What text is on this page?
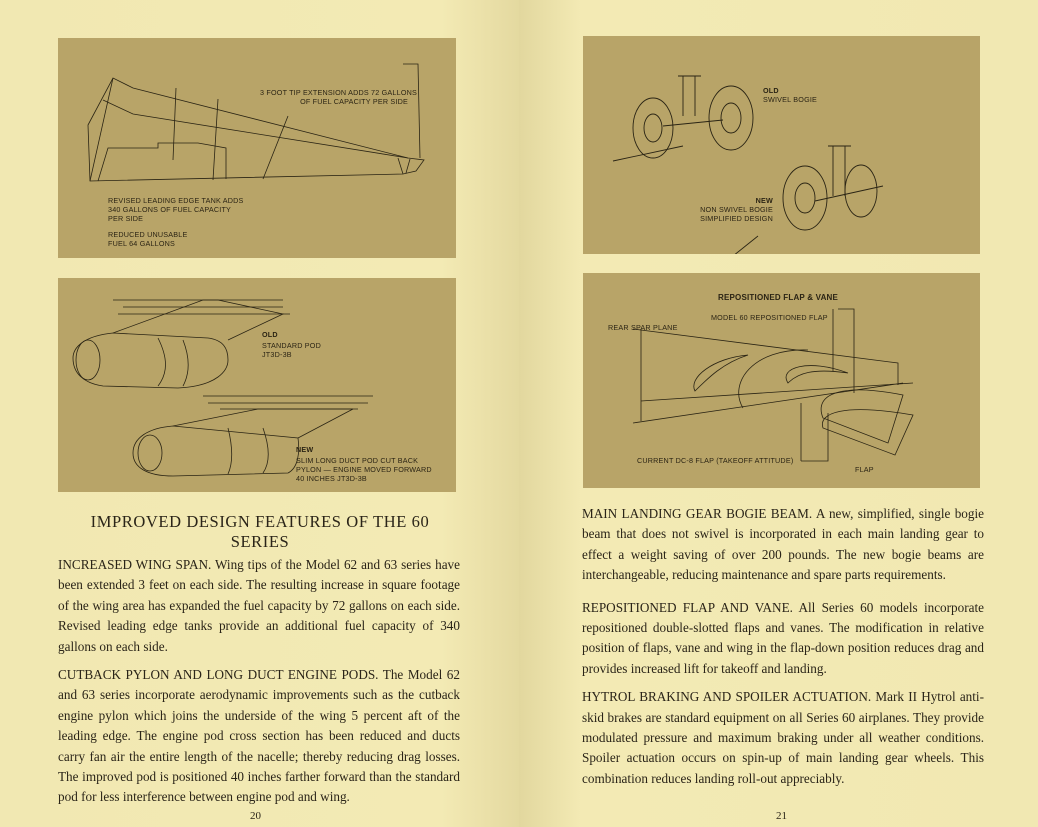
3 FOOT TIP EXTENSION ADDS 72 GALLONS
OF FUEL CAPACITY PER SIDE
REVISED LEADING EDGE TANK ADDS
340 GALLONS OF FUEL CAPACITY
PER SIDE
REDUCED UNUSABLE
FUEL 64 GALLONS
OLD
STANDARD POD
JT3D-3B
NEW
SLIM LONG DUCT POD CUT BACK
PYLON — ENGINE MOVED FORWARD
40 INCHES JT3D-3B
IMPROVED DESIGN FEATURES OF THE 60 SERIES

INCREASED WING SPAN. Wing tips of the Model 62 and 63 series have been extended 3 feet on each side. The resulting increase in square footage of the wing area has expanded the fuel capacity by 72 gallons on each side. Revised leading edge tanks provide an additional fuel capacity of 340 gallons on each side.

CUTBACK PYLON AND LONG DUCT ENGINE PODS. The Model 62 and 63 series incorporate aerodynamic improvements such as the cutback engine pylon which joins the underside of the wing 5 percent aft of the leading edge. The engine pod cross section has been reduced and ducts carry fan air the entire length of the nacelle; thereby reducing drag losses. The improved pod is positioned 40 inches farther forward than the standard pod for less interference between engine pod and wing.

20
OLD
SWIVEL BOGIE
NEW
NON SWIVEL BOGIE
SIMPLIFIED DESIGN
REPOSITIONED FLAP & VANE
MODEL 60 REPOSITIONED FLAP
REAR SPAR PLANE
CURRENT DC-8 FLAP (TAKEOFF ATTITUDE)
FLAP

MAIN LANDING GEAR BOGIE BEAM. A new, simplified, single bogie beam that does not swivel is incorporated in each main landing gear to effect a weight saving of over 200 pounds. The new bogie beams are interchangeable, reducing maintenance and spare parts requirements.

REPOSITIONED FLAP AND VANE. All Series 60 models incorporate repositioned double-slotted flaps and vanes. The modification in relative position of flaps, vane and wing in the flap-down position reduces drag and provides increased lift for takeoff and landing.

HYTROL BRAKING AND SPOILER ACTUATION. Mark II Hytrol anti-skid brakes are standard equipment on all Series 60 airplanes. They provide modulated pressure and maximum braking under all weather conditions. Spoiler actuation occurs on spin-up of main landing gear wheels. This combination reduces landing roll-out appreciably.

21
